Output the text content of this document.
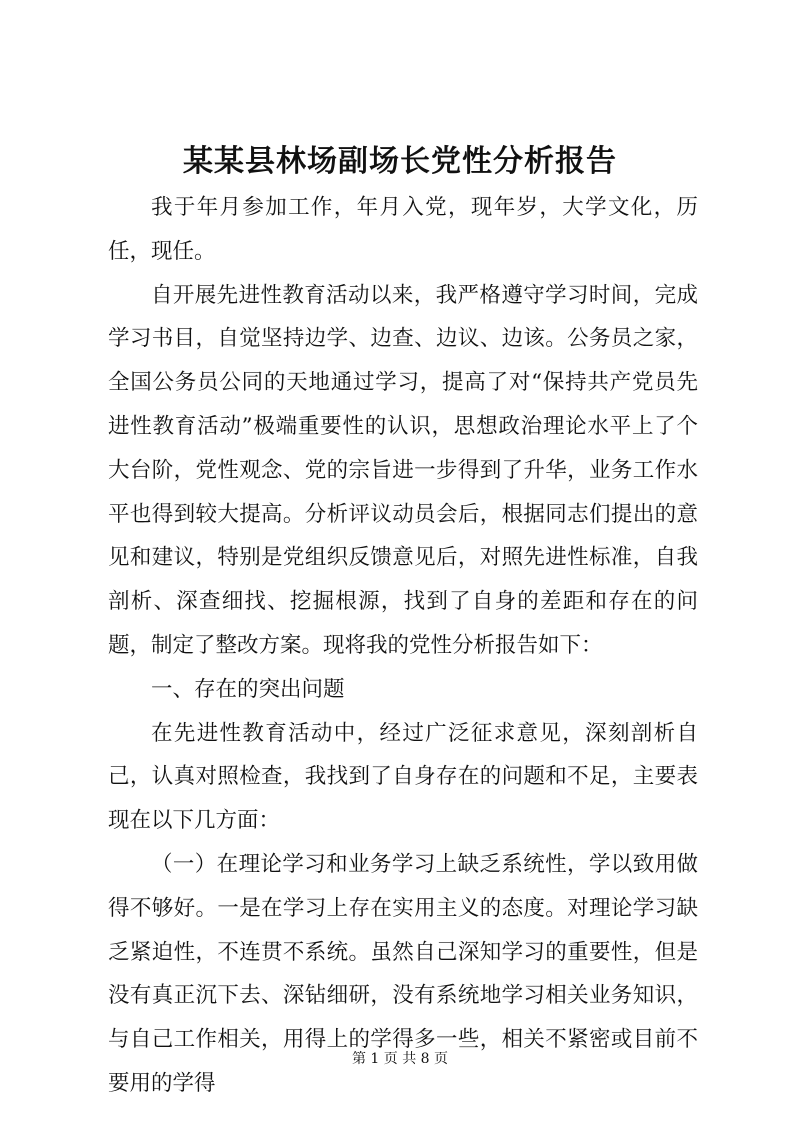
某某县林场副场长党性分析报告

我于年月参加工作，年月入党，现年岁，大学文化，历任，现任。

自开展先进性教育活动以来，我严格遵守学习时间，完成学习书目，自觉坚持边学、边查、边议、边该。公务员之家，全国公务员公同的天地通过学习，提高了对“保持共产党员先进性教育活动”极端重要性的认识，思想政治理论水平上了个大台阶，党性观念、党的宗旨进一步得到了升华，业务工作水平也得到较大提高。分析评议动员会后，根据同志们提出的意见和建议，特别是党组织反馈意见后，对照先进性标准，自我剖析、深查细找、挖掘根源，找到了自身的差距和存在的问题，制定了整改方案。现将我的党性分析报告如下：

一、存在的突出问题

在先进性教育活动中，经过广泛征求意见，深刻剖析自己，认真对照检查，我找到了自身存在的问题和不足，主要表现在以下几方面：

（一）在理论学习和业务学习上缺乏系统性，学以致用做得不够好。一是在学习上存在实用主义的态度。对理论学习缺乏紧迫性，不连贯不系统。虽然自己深知学习的重要性，但是没有真正沉下去、深钻细研，没有系统地学习相关业务知识，与自己工作相关，用得上的学得多一些，相关不紧密或目前不要用的学得

第 1 页 共 8 页
